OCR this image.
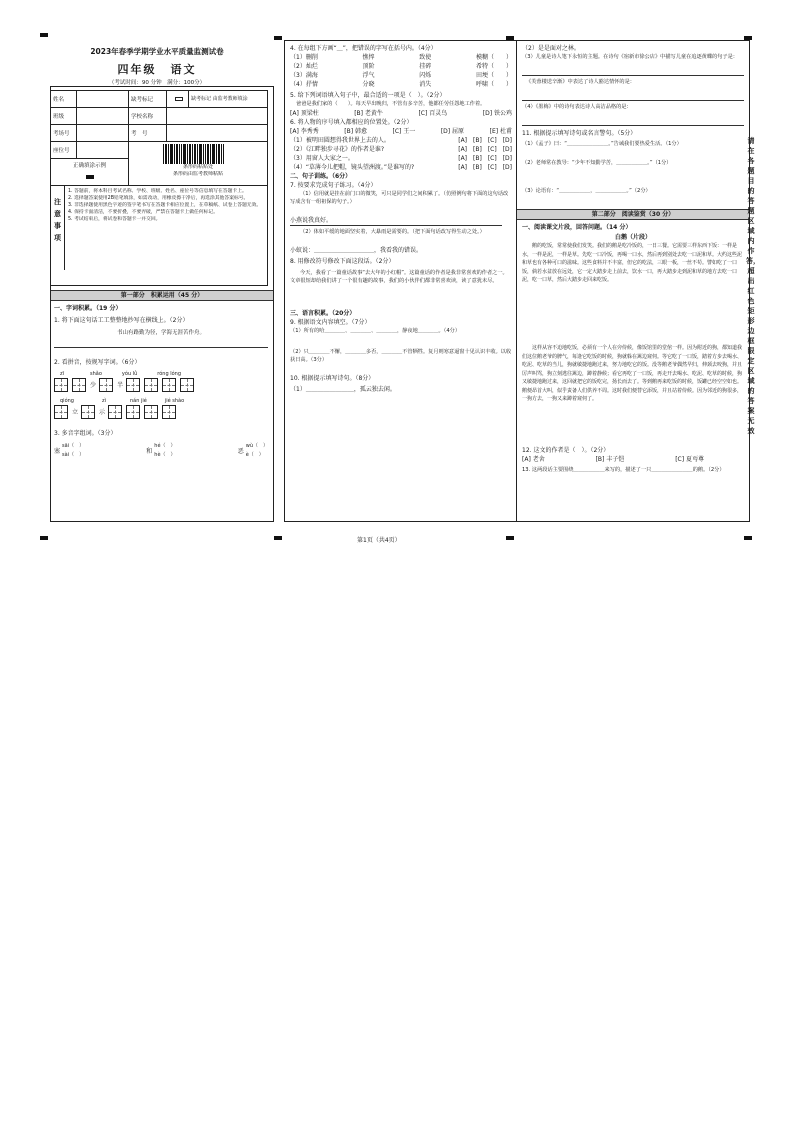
2023年春季学期学业水平质量监测试卷
四年级 语文
（考试时间：90 分钟　满分：100分）
姓名	缺考标记	缺考标记 由监考教师填涂
班级	学校名称
考场号	考　号
座位号
正确填涂示例	条形码粘贴处
条形码由监考教师粘贴
注意事项
1. 答题前，将本科目考试名称、学校、班级、姓名、座位号等信息填写在答题卡上。
2. 选择题答案使用2B铅笔填涂，如需改动，用橡皮擦干净后，再选涂其他答案标号。
3. 非选择题使用黑色字迹的签字笔书写在答题卡相应位置上，在草稿纸、试卷上答题无效。
4. 保持卡面清洁，不要折叠，不要弄破，严禁在答题卡上做任何标记。
5. 考试结束后，将试卷和答题卡一并交回。
第一部分　积累运用（45 分）
一、字词积累。（19 分）
1. 将下面这句话工工整整地抄写在横线上。（2分）
书山有路勤为径，学海无涯苦作舟。
2. 看拼音，按规写字词。（6分）
zī	shǎo	yóu lǜ	róng lóng
少	半
qióng	zì	nán jié	jié shào
立	示
3. 多音字组词。（3分）
塞
sāi（　）
sài（　）
和
hé（　）
hè（　）
恶
wù（　）
è（　）
4. 在每组下方画“＿”，把错误的字写在括号内。（4分）
（1）删削	憔悴	致使	模糊（　　）
（2）灿烂	顶阶	挂碎	希特（　　）
（3）满海	浮气	闪烁	田埂（　　）
（4）抒情	分晓	消失	呼啸（　　）
5. 给下列词语填入句子中，最合适的一项是（　）。（2分）
爸爸是我们家的（　　）。每天早出晚归，不管有多辛苦，他都任劳任怨地工作着。
[A] 顶梁柱	[B] 老黄牛	[C] 百灵鸟	[D] 铁公鸡
6. 将人物的序号填入都相应的位置处。（2分）
[A] 李秀秀	[B] 韩愈	[C] 王一	[D] 屈原	[E] 杜甫
（1）被明田圆想得我世界上去的人。	[A]　[B]　[C]　[D]
（2）《江畔独步寻花》的作者是谁?	[A]　[B]　[C]　[D]
（3）用窗人大家之一。	[A]　[B]　[C]　[D]
（4）“草薄今儿把帽，镜头望洲渡。”是谁写的?	[A]　[B]　[C]　[D]
二、句子训练。（6分）
7. 按要求完成句子练习。（4分）
（1）信用就是挂在前门口的微笑，可只是同学们之间积累了。（仿照例句将下面的这句话改写成含有一组祖保的句子。）
小燕说我真好。
（2）体如平缓的地面坚实着，大暴雨是需要的。（把下面句话改写得生动之处。）
小蚁说：＿＿＿＿＿＿＿＿＿＿，我看我的错误。
8. 用修改符号修改下面这段话。（2分）
今天，我看了一篇童话故事“去大年的小红帽”。这篇童话的作者是我非常喜欢的作者之一。文章很短却给我们讲了一个很有趣的故事，我们的小伙伴们都非常喜欢读，读了意犹未尽。
三、语言积累。（20分）
9. 根据语文内容填空。（7分）
（1）所有的哈＿＿＿＿、＿＿＿＿、＿＿＿＿，静夜地＿＿＿＿。（4分）
（2）只＿＿＿＿不懈，＿＿＿＿多否，＿＿＿＿不管牺牲。复月则寒意逼窗十见认识丰收。以收获日高。（3分）
10. 根据提示填写诗句。（8分）
（1）＿＿＿＿＿＿＿＿，孤云独去闲。
（2）是是面对之林。
（3）儿童是诗人笔下永恒的主题。在诗句《宿新市徐公店》中描写儿童在追逐黄蝶的句子是：
《芙蓉楼送辛渐》中表达了诗人豁达情怀的是：
（4）《墨梅》中的诗句表达诗人高洁品格的是：
11. 根据提示填写诗句或名言警句。（5分）
（1）《孟子》曰：“＿＿＿＿＿＿＿＿。”告诫我们要热爱生活。（1分）
（2）老师常在教导：“少年不知勤学苦，＿＿＿＿＿＿。”（1分）
（3）论语有：“＿＿＿＿＿＿，＿＿＿＿＿＿。”（2分）
第二部分　阅读鉴赏（30 分）
一、阅读课文片段，回答问题。（14 分）
白鹅（片段）
鹅的吃饭，常常使我们发笑。我们的鹅是吃冷饭的，一日三餐。它需要三样东西下饭：一样是水，一样是泥，一样是草。先吃一口冷饭，再喝一口水，然后再到别处去吃一口泥和草。大约这些泥和草也有各种可口的滋味。这些食料并不丰富，但它的吃法，三眼一板，一丝不苟。譬如吃了一口饭，倘若水盆放在远处，它一定大踏步走上前去，饮水一口，再大踏步走到泥和草的地方去吃一口泥，吃一口草，然后大踏步走回来吃饭。
这样从容不迫地吃饭，必须有一个人在旁侍候，像饭馆里的堂倌一样。因为附近的狗，都知道我们这位鹅老爷的脾气，每逢它吃饭的时候，狗就躲在篱边窥伺。等它吃了一口饭，踏着方步去喝水、吃泥、吃草的当儿，狗就敏捷地跑过来，努力地吃它的饭。没等鹅老爷偶然早归，伸颈去咬狗，并且厉声叫骂，狗立刻逃往篱边，蹲着静候；看它再吃了一口饭，再走开去喝水、吃泥、吃草的时候，狗又敏捷地跑过来，这回就把它的饭吃完，扬长而去了。等到鹅再来吃饭的时候，饭罐已经空空如也。鹅便昂首大叫，似乎责备人们供养不周。这时我们便替它添饭，并且站着侍候。因为邻近的狗很多，一狗方去，一狗又来蹲着窥伺了。
12. 这文的作者是（　）。（2分）
[A] 老舍	[B] 丰子恺	[C] 夏丏尊
13. 这两段话主要围绕＿＿＿＿＿＿来写的，描述了一只＿＿＿＿＿＿＿＿的鹅。（2分）
请在各题目的答题区域内作答，超出红色矩形边框限定区域的答案无效
第1页（共4页）
